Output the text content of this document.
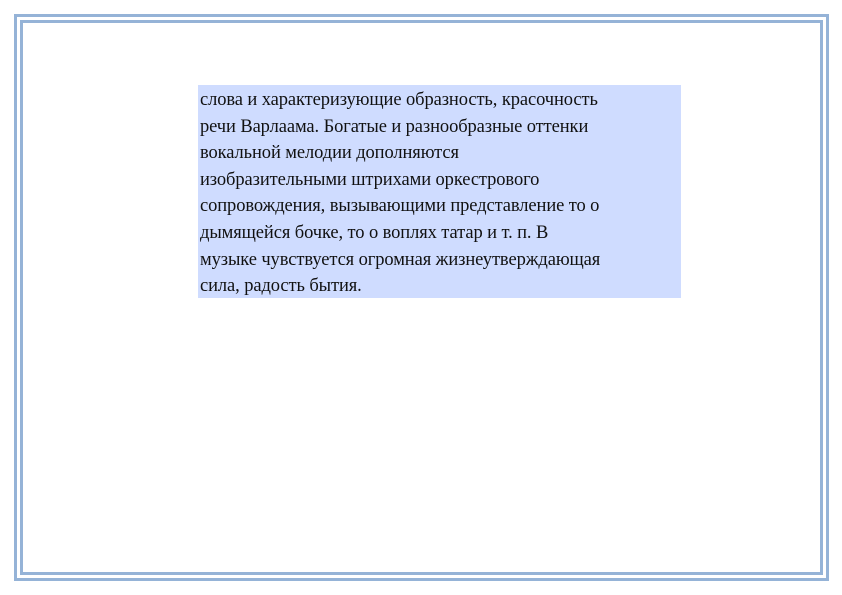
слова и характеризующие образность, красочность
речи Варлаама. Богатые и разнообразные оттенки
вокальной мелодии дополняются
изобразительными штрихами оркестрового
сопровождения, вызывающими представление то о
дымящейся бочке, то о воплях татар и т. п. В
музыке чувствуется огромная жизнеутверждающая
сила, радость бытия.
